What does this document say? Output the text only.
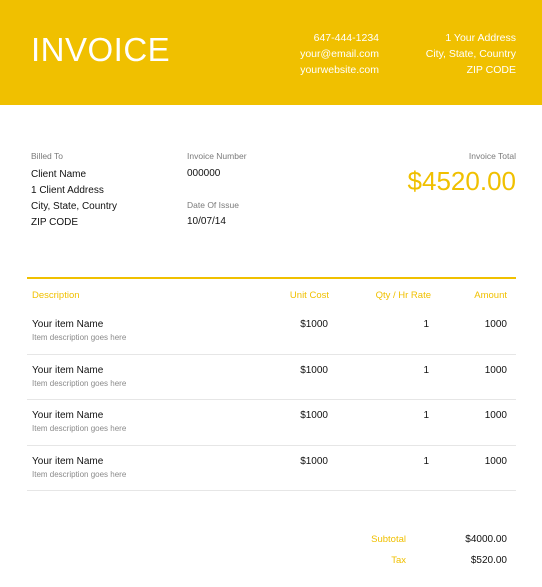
INVOICE	647-444-1234
your@email.com
yourwebsite.com
1 Your Address
City, State, Country
ZIP CODE
Billed To
Client Name
1 Client Address
City, State, Country
ZIP CODE
Invoice Number
000000
Date Of Issue
10/07/14
Invoice Total
$4520.00
Description	Unit Cost	Qty / Hr Rate	Amount
Your item Name
Item description goes here
$1000	1	1000
Your item Name
Item description goes here
$1000	1	1000
Your item Name
Item description goes here
$1000	1	1000
Your item Name
Item description goes here
$1000	1	1000
Subtotal	$4000.00
Tax	$520.00
